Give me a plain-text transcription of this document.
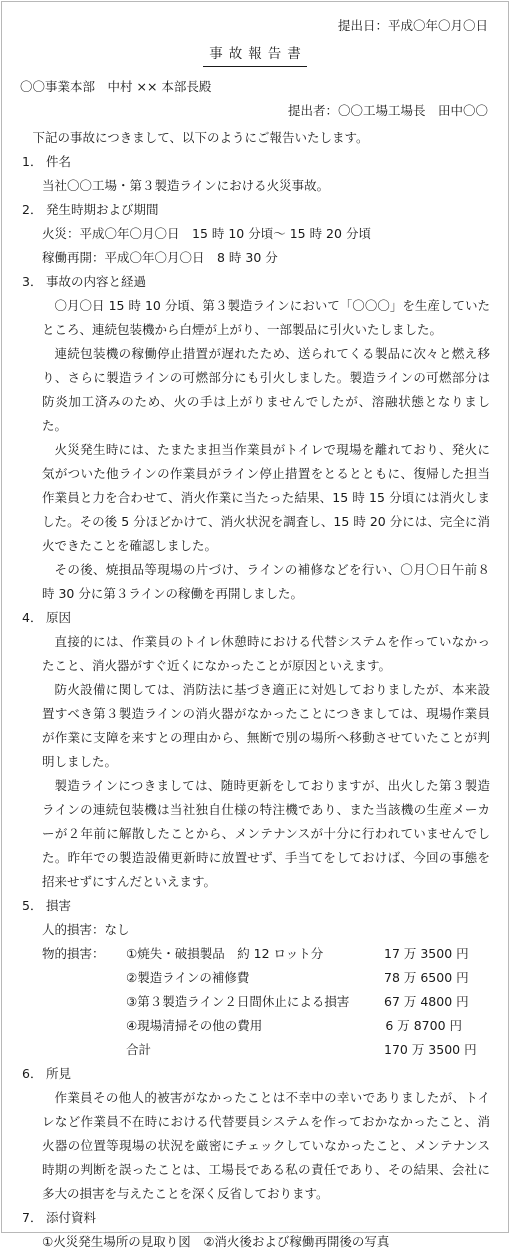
提出日：平成〇年〇月〇日
事故報告書
〇〇事業本部　中村 ×× 本部長殿
提出者：〇〇工場工場長　田中〇〇
下記の事故につきまして、以下のようにご報告いたします。
1． 件名
当社〇〇工場・第３製造ラインにおける火災事故。
2． 発生時期および期間
火災：平成〇年〇月〇日　15 時 10 分頃～ 15 時 20 分頃
稼働再開：平成〇年〇月〇日　8 時 30 分
3． 事故の内容と経過
〇月〇日 15 時 10 分頃、第３製造ラインにおいて「〇〇〇」を生産していたところ、連続包装機から白煙が上がり、一部製品に引火いたしました。
連続包装機の稼働停止措置が遅れたため、送られてくる製品に次々と燃え移り、さらに製造ラインの可燃部分にも引火しました。製造ラインの可燃部分は防炎加工済みのため、火の手は上がりませんでしたが、溶融状態となりました。
火災発生時には、たまたま担当作業員がトイレで現場を離れており、発火に気がついた他ラインの作業員がライン停止措置をとるとともに、復帰した担当作業員と力を合わせて、消火作業に当たった結果、15 時 15 分頃には消火しました。その後 5 分ほどかけて、消火状況を調査し、15 時 20 分には、完全に消火できたことを確認しました。
その後、焼損品等現場の片づけ、ラインの補修などを行い、〇月〇日午前８時 30 分に第３ラインの稼働を再開しました。
4． 原因
直接的には、作業員のトイレ休憩時における代替システムを作っていなかったこと、消火器がすぐ近くになかったことが原因といえます。
防火設備に関しては、消防法に基づき適正に対処しておりましたが、本来設置すべき第３製造ラインの消火器がなかったことにつきましては、現場作業員が作業に支障を来すとの理由から、無断で別の場所へ移動させていたことが判明しました。
製造ラインにつきましては、随時更新をしておりますが、出火した第３製造ラインの連続包装機は当社独自仕様の特注機であり、また当該機の生産メーカーが２年前に解散したことから、メンテナンスが十分に行われていませんでした。昨年での製造設備更新時に放置せず、手当てをしておけば、今回の事態を招来せずにすんだといえます。
5． 損害
人的損害：なし
物的損害：	①焼失・破損製品　約 12 ロット分	17 万 3500 円
②製造ラインの補修費	78 万 6500 円
③第３製造ライン２日間休止による損害	67 万 4800 円
④現場清掃その他の費用	6 万 8700 円
合計	170 万 3500 円
6． 所見
作業員その他人的被害がなかったことは不幸中の幸いでありましたが、トイレなど作業員不在時における代替要員システムを作っておかなかったこと、消火器の位置等現場の状況を厳密にチェックしていなかったこと、メンテナンス時期の判断を誤ったことは、工場長である私の責任であり、その結果、会社に多大の損害を与えたことを深く反省しております。
7． 添付資料
①火災発生場所の見取り図　②消火後および稼働再開後の写真
